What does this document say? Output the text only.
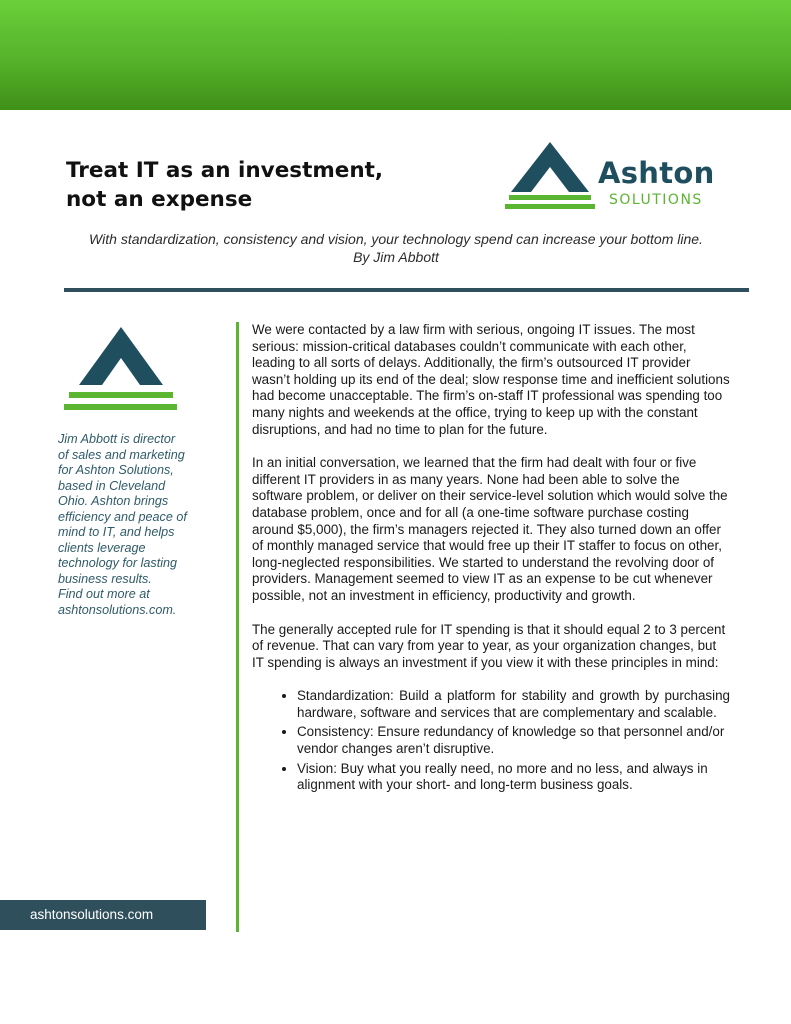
Treat IT as an investment,
not an expense
Ashton
SOLUTIONS
With standardization, consistency and vision, your technology spend can increase your bottom line. By Jim Abbott
Jim Abbott is director
of sales and marketing
for Ashton Solutions,
based in Cleveland
Ohio. Ashton brings
efficiency and peace of
mind to IT, and helps
clients leverage
technology for lasting
business results.
Find out more at
ashtonsolutions.com.
ashtonsolutions.com

We were contacted by a law firm with serious, ongoing IT issues. The most serious: mission-critical databases couldn’t communicate with each other, leading to all sorts of delays. Additionally, the firm’s outsourced IT provider wasn’t holding up its end of the deal; slow response time and inefficient solutions had become unacceptable. The firm’s on-staff IT professional was spending too many nights and weekends at the office, trying to keep up with the constant disruptions, and had no time to plan for the future.

In an initial conversation, we learned that the firm had dealt with four or five different IT providers in as many years. None had been able to solve the software problem, or deliver on their service-level solution which would solve the database problem, once and for all (a one-time software purchase costing around $5,000), the firm’s managers rejected it. They also turned down an offer of monthly managed service that would free up their IT staffer to focus on other, long-neglected responsibilities. We started to understand the revolving door of providers. Management seemed to view IT as an expense to be cut whenever possible, not an investment in efficiency, productivity and growth.

The generally accepted rule for IT spending is that it should equal 2 to 3 percent of revenue. That can vary from year to year, as your organization changes, but IT spending is always an investment if you view it with these principles in mind:

• Standardization: Build a platform for stability and growth by purchasing hardware, software and services that are complementary and scalable.
• Consistency: Ensure redundancy of knowledge so that personnel and/or vendor changes aren’t disruptive.
• Vision: Buy what you really need, no more and no less, and always in alignment with your short- and long-term business goals.
